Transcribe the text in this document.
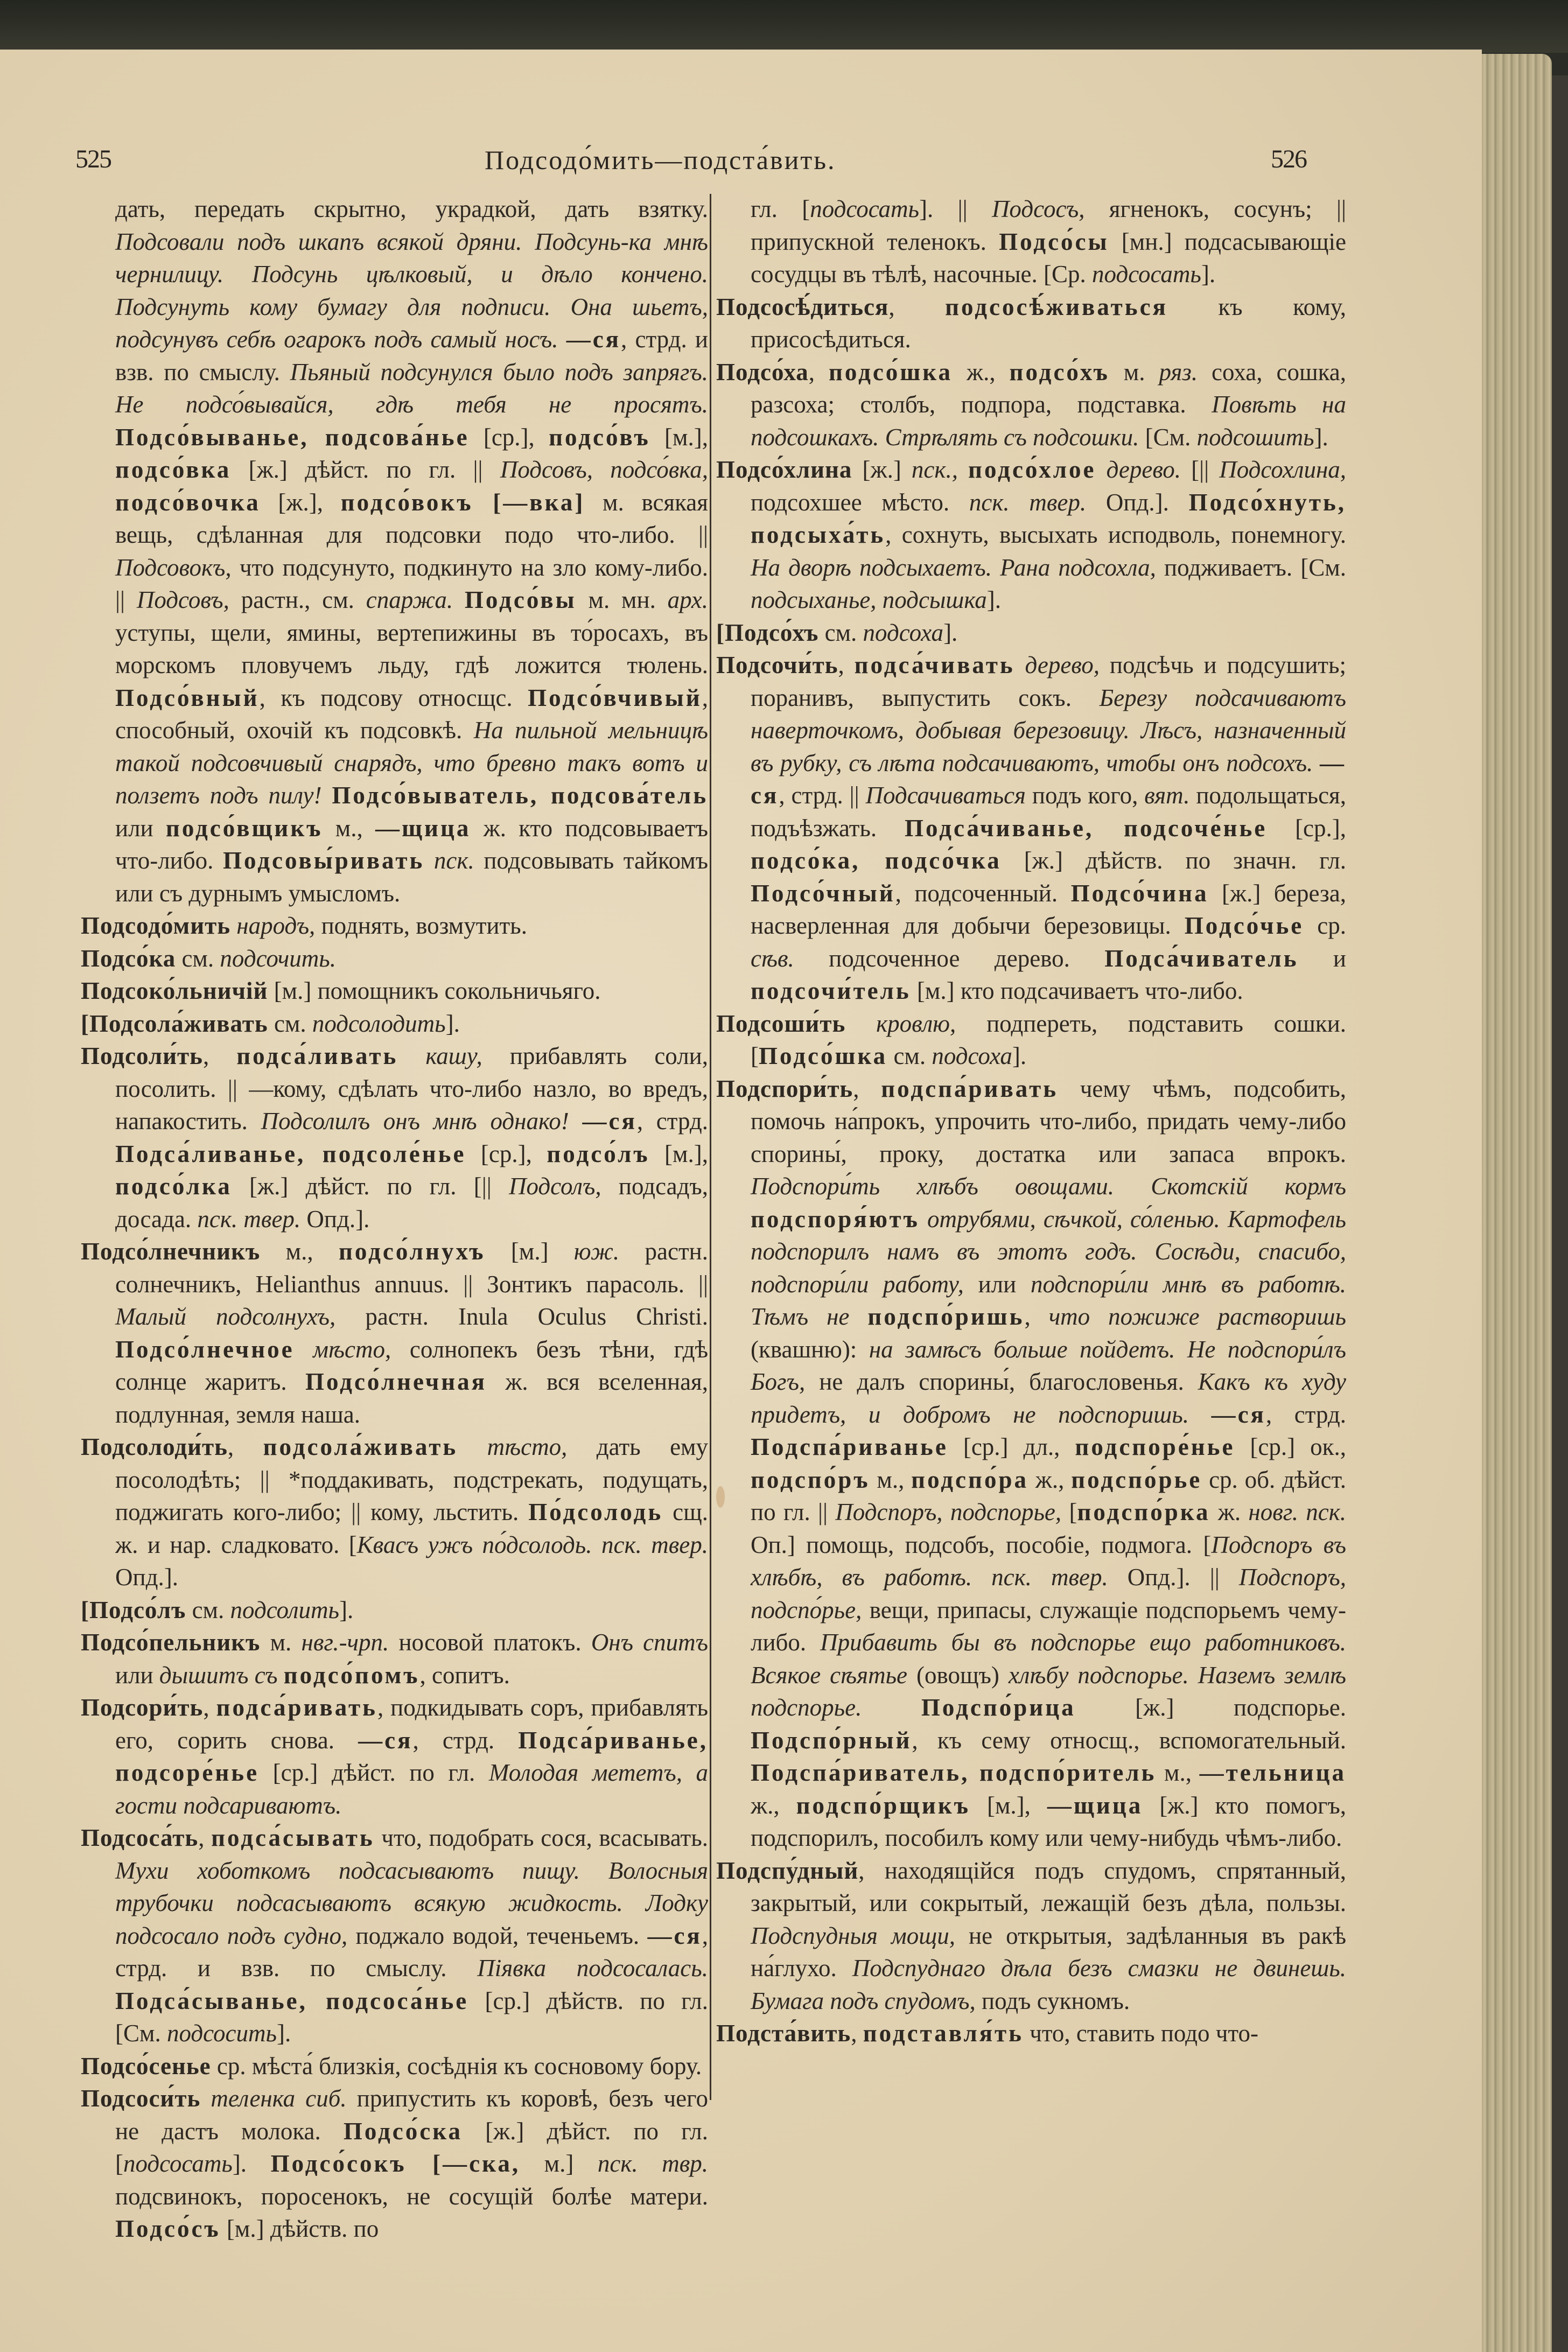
525	Подсодо́мить—подста́вить.	526

дать, передать скрытно, украдкой, дать взятку. Подсовали подъ шкапъ всякой дряни. Подсунь-ка мнѣ чернилицу. Подсунь цѣлковый, и дѣло кончено. Подсунуть кому бумагу для подписи. Она шьетъ, подсунувъ себѣ огарокъ подъ самый носъ. —ся, стрд. и взв. по смыслу. Пьяный подсунулся было подъ запрягъ. Не подсо́вывайся, гдѣ тебя не просятъ. Подсо́выванье, подсова́нье [ср.], подсо́въ [м.], подсо́вка [ж.] дѣйст. по гл. || Подсовъ, подсо́вка, подсо́вочка [ж.], подсо́вокъ [—вка] м. всякая вещь, сдѣланная для подсовки подо что-либо. || Подсовокъ, что подсунуто, подкинуто на зло кому-либо. || Подсовъ, растн., см. спаржа. Подсо́вы м. мн. арх. уступы, щели, ямины, вертепижины въ то́росахъ, въ морскомъ пловучемъ льду, гдѣ ложится тюлень. Подсо́вный, къ подсову относщс. Подсо́вчивый, способный, охочій къ подсовкѣ. На пильной мельницѣ такой подсовчивый снарядъ, что бревно такъ вотъ и ползетъ подъ пилу! Подсо́выватель, подсова́тель или подсо́вщикъ м., —щица ж. кто подсовываетъ что-либо. Подсовы́ривать пск. подсовывать тайкомъ или съ дурнымъ умысломъ.

Подсодо́мить народъ, поднять, возмутить.

Подсо́ка см. подсочить.

Подсоко́льничій [м.] помощникъ сокольничьяго.

[Подсола́живать см. подсолодить].

Подсоли́ть, подса́ливать кашу, прибавлять соли, посолить. || —кому, сдѣлать что-либо назло, во вредъ, напакостить. Подсолилъ онъ мнѣ однако! —ся, стрд. Подса́ливанье, подсоле́нье [ср.], подсо́лъ [м.], подсо́лка [ж.] дѣйст. по гл. [|| Подсолъ, подсадъ, досада. пск. твер. Опд.].

Подсо́лнечникъ м., подсо́лнухъ [м.] юж. растн. солнечникъ, Helianthus annuus. || Зонтикъ парасоль. || Малый подсолнухъ, растн. Inula Oculus Christi. Подсо́лнечное мѣсто, солнопекъ безъ тѣни, гдѣ солнце жаритъ. Подсо́лнечная ж. вся вселенная, подлунная, земля наша.

Подсолоди́ть, подсола́живать тѣсто, дать ему посолодѣть; || *поддакивать, подстрекать, подущать, поджигать кого-либо; || кому, льстить. По́дсолодь сщ. ж. и нар. сладковато. [Квасъ ужъ по́дсолодь. пск. твер. Опд.].

[Подсо́лъ см. подсолить].

Подсо́пельникъ м. нвг.-чрп. носовой платокъ. Онъ спитъ или дышитъ съ подсо́помъ, сопитъ.

Подсори́ть, подса́ривать, подкидывать соръ, прибавлять его, сорить снова. —ся, стрд. Подса́риванье, подсоре́нье [ср.] дѣйст. по гл. Молодая мететъ, а гости подсариваютъ.

Подсоса́ть, подса́сывать что, подобрать сося, всасывать. Мухи хоботкомъ подсасываютъ пищу. Волосныя трубочки подсасываютъ всякую жидкость. Лодку подсосало подъ судно, поджало водой, теченьемъ. —ся, стрд. и взв. по смыслу. Піявка подсосалась. Подса́сыванье, подсоса́нье [ср.] дѣйств. по гл. [См. подсосить].

Подсо́сенье ср. мѣста́ близкія, сосѣднія къ сосновому бору.

Подсоси́ть теленка сиб. припустить къ коровѣ, безъ чего не дастъ молока. Подсо́ска [ж.] дѣйст. по гл. [подсосать]. Подсо́сокъ [—ска, м.] пск. твр. подсвинокъ, поросенокъ, не сосущій болѣе матери. Подсо́съ [м.] дѣйств. по

гл. [подсосать]. || Подсосъ, ягненокъ, сосунъ; || припускной теленокъ. Подсо́сы [мн.] подсасывающіе сосудцы въ тѣлѣ, насочные. [Ср. подсосать].

Подсосѣ́диться, подсосѣ́живаться къ кому, присосѣдиться.

Подсо́ха, подсо́шка ж., подсо́хъ м. ряз. соха, сошка, разсоха; столбъ, подпора, подставка. Повѣть на подсошкахъ. Стрѣлять съ подсошки. [См. подсошить].

Подсо́хлина [ж.] пск., подсо́хлое дерево. [|| Подсохлина, подсохшее мѣсто. пск. твер. Опд.]. Подсо́хнуть, подсыха́ть, сохнуть, высыхать исподволь, понемногу. На дворѣ подсыхаетъ. Рана подсохла, подживаетъ. [См. подсыханье, подсышка].

[Подсо́хъ см. подсоха].

Подсочи́ть, подса́чивать дерево, подсѣчь и подсушить; поранивъ, выпустить сокъ. Березу подсачиваютъ наверточкомъ, добывая березовицу. Лѣсъ, назначенный въ рубку, съ лѣта подсачиваютъ, чтобы онъ подсохъ. —ся, стрд. || Подсачиваться подъ кого, вят. подольщаться, подъѣзжать. Подса́чиванье, подсоче́нье [ср.], подсо́ка, подсо́чка [ж.] дѣйств. по значн. гл. Подсо́чный, подсоченный. Подсо́чина [ж.] береза, насверленная для добычи березовицы. Подсо́чье ср. сѣв. подсоченное дерево. Подса́чиватель и подсочи́тель [м.] кто подсачиваетъ что-либо.

Подсоши́ть кровлю, подпереть, подставить сошки. [Подсо́шка см. подсоха].

Подспори́ть, подспа́ривать чему чѣмъ, подсобить, помочь на́прокъ, упрочить что-либо, придать чему-либо спорины́, проку, достатка или запаса впрокъ. Подспори́ть хлѣбъ овощами. Скотскій кормъ подспоря́ютъ отрубями, сѣчкой, со́ленью. Картофель подспорилъ намъ въ этотъ годъ. Сосѣди, спасибо, подспори́ли работу, или подспори́ли мнѣ въ работѣ. Тѣмъ не подспо́ришь, что пожиже растворишь (квашню): на замѣсъ больше пойдетъ. Не подспори́лъ Богъ, не далъ спорины́, благословенья. Какъ къ худу придетъ, и добромъ не подспоришь. —ся, стрд. Подспа́риванье [ср.] дл., подспоре́нье [ср.] ок., подспо́ръ м., подспо́ра ж., подспо́рье ср. об. дѣйст. по гл. || Подспоръ, подспорье, [подспо́рка ж. новг. пск. Оп.] помощь, подсобъ, пособіе, подмога. [Подспоръ въ хлѣбѣ, въ работѣ. пск. твер. Опд.]. || Подспоръ, подспо́рье, вещи, припасы, служащіе подспорьемъ чему-либо. Прибавить бы въ подспорье ещо работниковъ. Всякое сѣятье (овощъ) хлѣбу подспорье. Наземъ землѣ подспорье. Подспо́рица [ж.] подспорье. Подспо́рный, къ сему относщ., вспомогательный. Подспа́риватель, подспо́ритель м., —тельница ж., подспо́рщикъ [м.], —щица [ж.] кто помогъ, подспорилъ, пособилъ кому или чему-нибудь чѣмъ-либо.

Подспу́дный, находящійся подъ спудомъ, спрятанный, закрытый, или сокрытый, лежащій безъ дѣла, пользы. Подспудныя мощи, не открытыя, задѣланныя въ ракѣ на́глухо. Подспуднаго дѣла безъ смазки не двинешь. Бумага подъ спудомъ, подъ сукномъ.

Подста́вить, подставля́ть что, ставить подо что-
